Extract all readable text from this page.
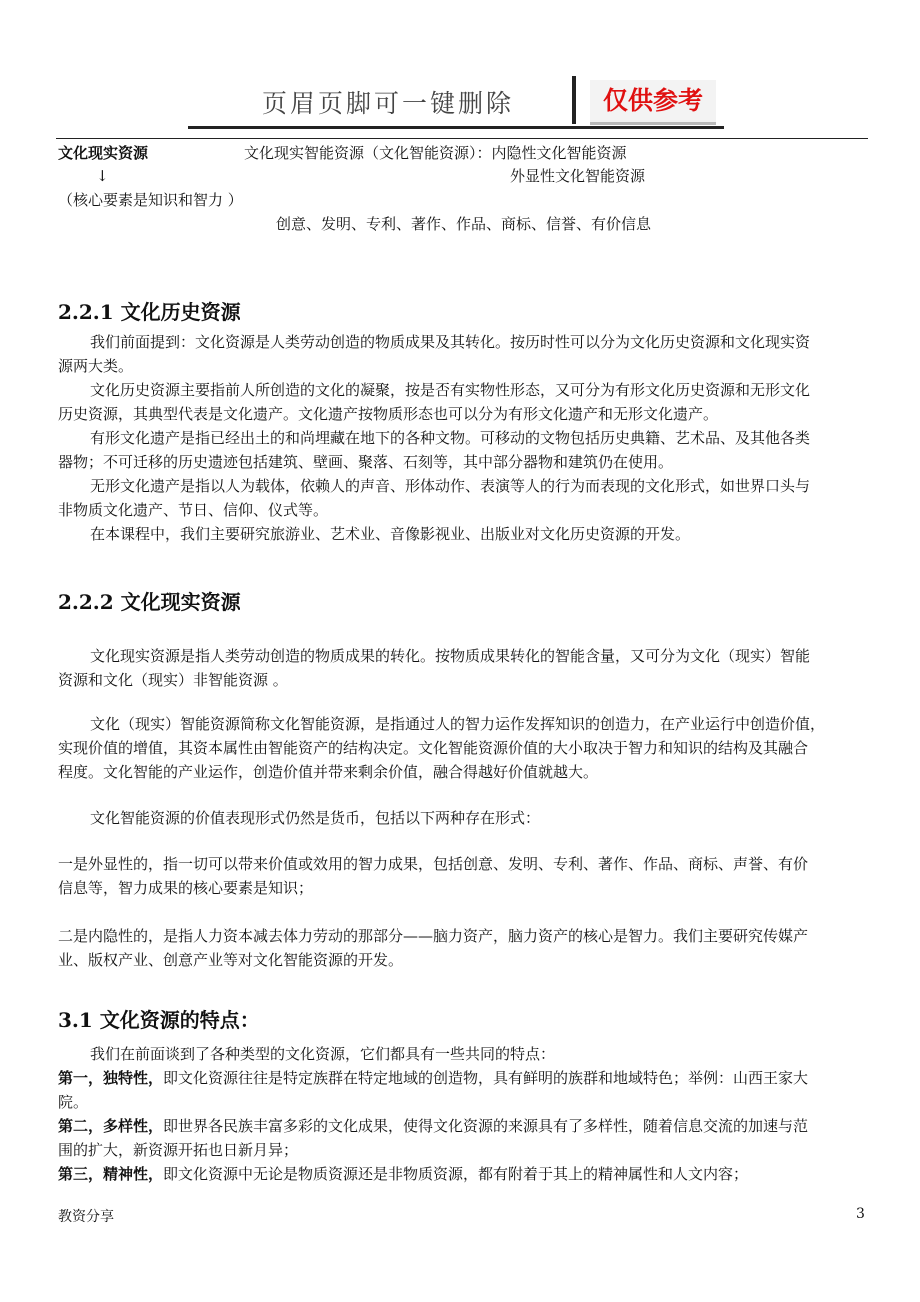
页眉页脚可一键删除	仅供参考
文化现实资源	文化现实智能资源（文化智能资源）：内隐性文化智能资源
↓	外显性文化智能资源
（核心要素是知识和智力 ）
创意、发明、专利、著作、作品、商标、信誉、有价信息
2.2.1 文化历史资源
我们前面提到：文化资源是人类劳动创造的物质成果及其转化。按历时性可以分为文化历史资源和文化现实资
源两大类。
文化历史资源主要指前人所创造的文化的凝聚，按是否有实物性形态，又可分为有形文化历史资源和无形文化
历史资源，其典型代表是文化遗产。文化遗产按物质形态也可以分为有形文化遗产和无形文化遗产。
有形文化遗产是指已经出土的和尚埋藏在地下的各种文物。可移动的文物包括历史典籍、艺术品、及其他各类
器物；不可迁移的历史遗迹包括建筑、壁画、聚落、石刻等，其中部分器物和建筑仍在使用。
无形文化遗产是指以人为载体，依赖人的声音、形体动作、表演等人的行为而表现的文化形式，如世界口头与
非物质文化遗产、节日、信仰、仪式等。
在本课程中，我们主要研究旅游业、艺术业、音像影视业、出版业对文化历史资源的开发。
2.2.2 文化现实资源
文化现实资源是指人类劳动创造的物质成果的转化。按物质成果转化的智能含量，又可分为文化（现实）智能
资源和文化（现实）非智能资源 。
文化（现实）智能资源简称文化智能资源，是指通过人的智力运作发挥知识的创造力，在产业运行中创造价值，
实现价值的增值，其资本属性由智能资产的结构决定。文化智能资源价值的大小取决于智力和知识的结构及其融合
程度。文化智能的产业运作，创造价值并带来剩余价值，融合得越好价值就越大。
文化智能资源的价值表现形式仍然是货币，包括以下两种存在形式：
一是外显性的，指一切可以带来价值或效用的智力成果，包括创意、发明、专利、著作、作品、商标、声誉、有价
信息等，智力成果的核心要素是知识；
二是内隐性的，是指人力资本减去体力劳动的那部分——脑力资产，脑力资产的核心是智力。我们主要研究传媒产
业、版权产业、创意产业等对文化智能资源的开发。
3.1 文化资源的特点：
我们在前面谈到了各种类型的文化资源，它们都具有一些共同的特点：
第一，独特性，即文化资源往往是特定族群在特定地域的创造物，具有鲜明的族群和地域特色；举例：山西王家大
院。
第二，多样性，即世界各民族丰富多彩的文化成果，使得文化资源的来源具有了多样性，随着信息交流的加速与范
围的扩大，新资源开拓也日新月异；
第三，精神性，即文化资源中无论是物质资源还是非物质资源，都有附着于其上的精神属性和人文内容；
教资分享	3
